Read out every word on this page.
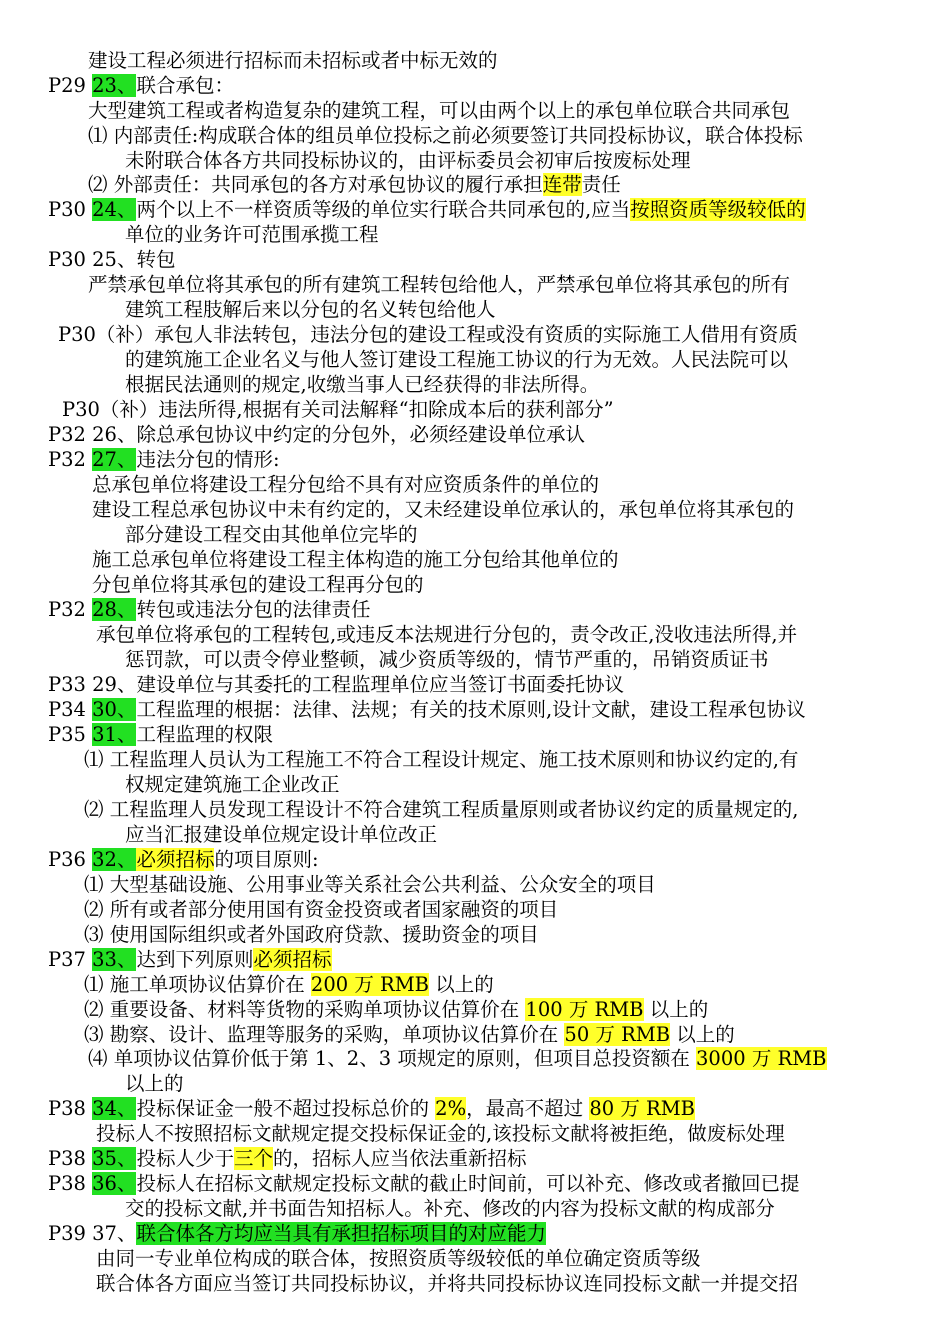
建设工程必须进行招标而未招标或者中标无效的
P29 23、联合承包：
大型建筑工程或者构造复杂的建筑工程，可以由两个以上的承包单位联合共同承包
⑴ 内部责任:构成联合体的组员单位投标之前必须要签订共同投标协议，联合体投标
未附联合体各方共同投标协议的，由评标委员会初审后按废标处理
⑵ 外部责任：共同承包的各方对承包协议的履行承担连带责任
P30 24、两个以上不一样资质等级的单位实行联合共同承包的,应当按照资质等级较低的
单位的业务许可范围承揽工程
P30 25、转包
严禁承包单位将其承包的所有建筑工程转包给他人，严禁承包单位将其承包的所有
建筑工程肢解后来以分包的名义转包给他人
P30（补）承包人非法转包，违法分包的建设工程或没有资质的实际施工人借用有资质
的建筑施工企业名义与他人签订建设工程施工协议的行为无效。人民法院可以
根据民法通则的规定,收缴当事人已经获得的非法所得。
P30（补）违法所得,根据有关司法解释“扣除成本后的获利部分”
P32 26、除总承包协议中约定的分包外，必须经建设单位承认
P32 27、违法分包的情形:
总承包单位将建设工程分包给不具有对应资质条件的单位的
建设工程总承包协议中未有约定的，又未经建设单位承认的，承包单位将其承包的
部分建设工程交由其他单位完毕的
施工总承包单位将建设工程主体构造的施工分包给其他单位的
分包单位将其承包的建设工程再分包的
P32 28、转包或违法分包的法律责任
承包单位将承包的工程转包,或违反本法规进行分包的，责令改正,没收违法所得,并
惩罚款，可以责令停业整顿，减少资质等级的，情节严重的，吊销资质证书
P33 29、建设单位与其委托的工程监理单位应当签订书面委托协议
P34 30、工程监理的根据：法律、法规；有关的技术原则,设计文献，建设工程承包协议
P35 31、工程监理的权限
⑴ 工程监理人员认为工程施工不符合工程设计规定、施工技术原则和协议约定的,有
权规定建筑施工企业改正
⑵ 工程监理人员发现工程设计不符合建筑工程质量原则或者协议约定的质量规定的,
应当汇报建设单位规定设计单位改正
P36 32、必须招标的项目原则:
⑴ 大型基础设施、公用事业等关系社会公共利益、公众安全的项目
⑵ 所有或者部分使用国有资金投资或者国家融资的项目
⑶ 使用国际组织或者外国政府贷款、援助资金的项目
P37 33、达到下列原则必须招标
⑴ 施工单项协议估算价在 200 万 RMB 以上的
⑵ 重要设备、材料等货物的采购单项协议估算价在 100 万 RMB 以上的
⑶ 勘察、设计、监理等服务的采购，单项协议估算价在 50 万 RMB 以上的
⑷ 单项协议估算价低于第 1、2、3 项规定的原则，但项目总投资额在 3000 万 RMB
以上的
P38 34、投标保证金一般不超过投标总价的 2%，最高不超过 80 万 RMB
投标人不按照招标文献规定提交投标保证金的,该投标文献将被拒绝，做废标处理
P38 35、投标人少于三个的，招标人应当依法重新招标
P38 36、投标人在招标文献规定投标文献的截止时间前，可以补充、修改或者撤回已提
交的投标文献,并书面告知招标人。补充、修改的内容为投标文献的构成部分
P39 37、联合体各方均应当具有承担招标项目的对应能力
由同一专业单位构成的联合体，按照资质等级较低的单位确定资质等级
联合体各方面应当签订共同投标协议，并将共同投标协议连同投标文献一并提交招
